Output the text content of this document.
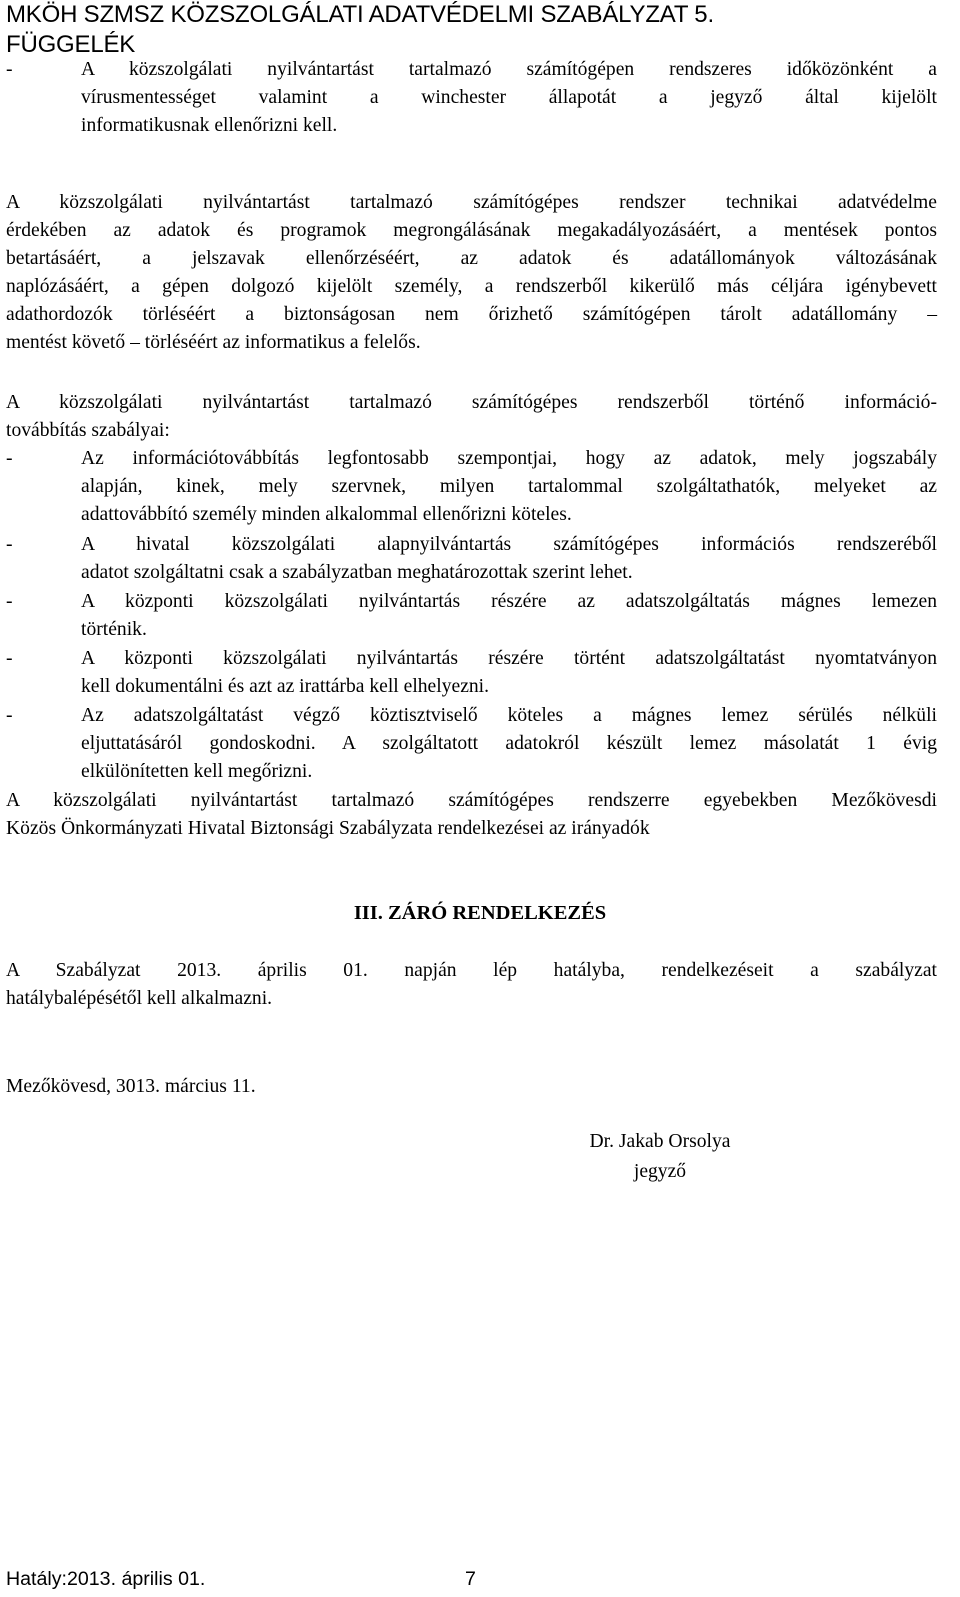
MKÖH SZMSZ KÖZSZOLGÁLATI ADATVÉDELMI SZABÁLYZAT 5.
FÜGGELÉK
-	A közszolgálati nyilvántartást tartalmazó számítógépen rendszeres időközönként a
vírusmentességet valamint a winchester állapotát a jegyző által kijelölt
informatikusnak ellenőrizni kell.
A közszolgálati nyilvántartást tartalmazó számítógépes rendszer technikai adatvédelme
érdekében az adatok és programok megrongálásának megakadályozásáért, a mentések pontos
betartásáért, a jelszavak ellenőrzéséért, az adatok és adatállományok változásának
naplózásáért, a gépen dolgozó kijelölt személy, a rendszerből kikerülő más céljára igénybevett
adathordozók törléséért a biztonságosan nem őrizhető számítógépen tárolt adatállomány –
mentést követő – törléséért az informatikus a felelős.
A közszolgálati nyilvántartást tartalmazó számítógépes rendszerből történő információ-
továbbítás szabályai:
-	Az információtovábbítás legfontosabb szempontjai, hogy az adatok, mely jogszabály
alapján, kinek, mely szervnek, milyen tartalommal szolgáltathatók, melyeket az
adattovábbító személy minden alkalommal ellenőrizni köteles.
-	A hivatal közszolgálati alapnyilvántartás számítógépes információs rendszeréből
adatot szolgáltatni csak a szabályzatban meghatározottak szerint lehet.
-	A központi közszolgálati nyilvántartás részére az adatszolgáltatás mágnes lemezen
történik.
-	A központi közszolgálati nyilvántartás részére történt adatszolgáltatást nyomtatványon
kell dokumentálni és azt az irattárba kell elhelyezni.
-	Az adatszolgáltatást végző köztisztviselő köteles a mágnes lemez sérülés nélküli
eljuttatásáról gondoskodni. A szolgáltatott adatokról készült lemez másolatát 1 évig
elkülönítetten kell megőrizni.
A közszolgálati nyilvántartást tartalmazó számítógépes rendszerre egyebekben Mezőkövesdi
Közös Önkormányzati Hivatal Biztonsági Szabályzata rendelkezései az irányadók
III. ZÁRÓ RENDELKEZÉS
A Szabályzat 2013. április 01. napján lép hatályba, rendelkezéseit a szabályzat
hatálybalépésétől kell alkalmazni.
Mezőkövesd, 3013. március 11.
Dr. Jakab Orsolya
jegyző
Hatály:2013. április 01.	7
